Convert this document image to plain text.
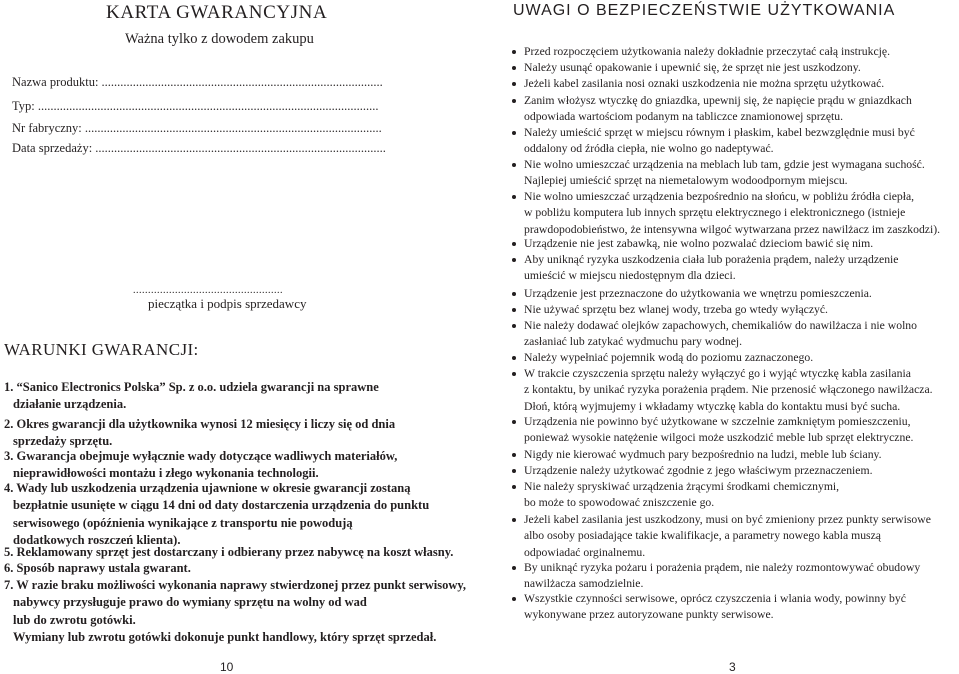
KARTA GWARANCYJNA
Ważna tylko z dowodem zakupu
Nazwa produktu: ..........................................................................................
Typ: .............................................................................................................
Nr fabryczny: ...............................................................................................
Data sprzedaży: .............................................................................................
..................................................
pieczątka i podpis sprzedawcy
WARUNKI GWARANCJI:
1. “Sanico Electronics Polska” Sp. z o.o. udziela gwarancji na sprawne
działanie urządzenia.
2. Okres gwarancji dla użytkownika wynosi 12 miesięcy i liczy się od dnia
sprzedaży sprzętu.
3. Gwarancja obejmuje wyłącznie wady dotyczące wadliwych materiałów,
nieprawidłowości montażu i złego wykonania technologii.
4. Wady lub uszkodzenia urządzenia ujawnione w okresie gwarancji zostaną
bezpłatnie usunięte w ciągu 14 dni od daty dostarczenia urządzenia do punktu
serwisowego (opóźnienia wynikające z transportu nie powodują
dodatkowych roszczeń klienta).
5. Reklamowany sprzęt jest dostarczany i odbierany przez nabywcę na koszt własny.
6. Sposób naprawy ustala gwarant.
7. W razie braku możliwości wykonania naprawy stwierdzonej przez punkt serwisowy,
nabywcy przysługuje prawo do wymiany sprzętu na wolny od wad
lub do zwrotu gotówki.
Wymiany lub zwrotu gotówki dokonuje punkt handlowy, który sprzęt sprzedał.
10
UWAGI O BEZPIECZEŃSTWIE UŻYTKOWANIA
Przed rozpoczęciem użytkowania należy dokładnie przeczytać całą instrukcję.
Należy usunąć opakowanie i upewnić się, że sprzęt nie jest uszkodzony.
Jeżeli kabel zasilania nosi oznaki uszkodzenia nie można sprzętu użytkować.
Zanim włożysz wtyczkę do gniazdka, upewnij się, że napięcie prądu w gniazdkach
odpowiada wartościom podanym na tabliczce znamionowej sprzętu.
Należy umieścić sprzęt w miejscu równym i płaskim, kabel bezwzględnie musi być
oddalony od źródła ciepła, nie wolno go nadeptywać.
Nie wolno umieszczać urządzenia na meblach lub tam, gdzie jest wymagana suchość.
Najlepiej umieścić sprzęt na niemetalowym wodoodpornym miejscu.
Nie wolno umieszczać urządzenia bezpośrednio na słońcu, w pobliżu źródła ciepła,
w pobliżu komputera lub innych sprzętu elektrycznego i elektronicznego (istnieje
prawdopodobieństwo, że intensywna wilgoć wytwarzana przez nawilżacz im zaszkodzi).
Urządzenie nie jest zabawką, nie wolno pozwalać dzieciom bawić się nim.
Aby uniknąć ryzyka uszkodzenia ciała lub porażenia prądem, należy urządzenie
umieścić w miejscu niedostępnym dla dzieci.
Urządzenie jest przeznaczone do użytkowania we wnętrzu pomieszczenia.
Nie używać sprzętu bez wlanej wody, trzeba go wtedy wyłączyć.
Nie należy dodawać olejków zapachowych, chemikaliów do nawilżacza i nie wolno
zasłaniać lub zatykać wydmuchu pary wodnej.
Należy wypełniać pojemnik wodą do poziomu zaznaczonego.
W trakcie czyszczenia sprzętu należy wyłączyć go i wyjąć wtyczkę kabla zasilania
z kontaktu, by unikać ryzyka porażenia prądem. Nie przenosić włączonego nawilżacza.
Dłoń, którą wyjmujemy i wkładamy wtyczkę kabla do kontaktu musi być sucha.
Urządzenia nie powinno być użytkowane w szczelnie zamkniętym pomieszczeniu,
ponieważ wysokie natężenie wilgoci może uszkodzić meble lub sprzęt elektryczne.
Nigdy nie kierować wydmuch pary bezpośrednio na ludzi, meble lub ściany.
Urządzenie należy użytkować zgodnie z jego właściwym przeznaczeniem.
Nie należy spryskiwać urządzenia żrącymi środkami chemicznymi,
bo może to spowodować zniszczenie go.
Jeżeli kabel zasilania jest uszkodzony, musi on być zmieniony przez punkty serwisowe
albo osoby posiadające takie kwalifikacje, a parametry nowego kabla muszą
odpowiadać orginalnemu.
By uniknąć ryzyka pożaru i porażenia prądem, nie należy rozmontowywać obudowy
nawilżacza samodzielnie.
Wszystkie czynności serwisowe, oprócz czyszczenia i wlania wody, powinny być
wykonywane przez autoryzowane punkty serwisowe.
3
